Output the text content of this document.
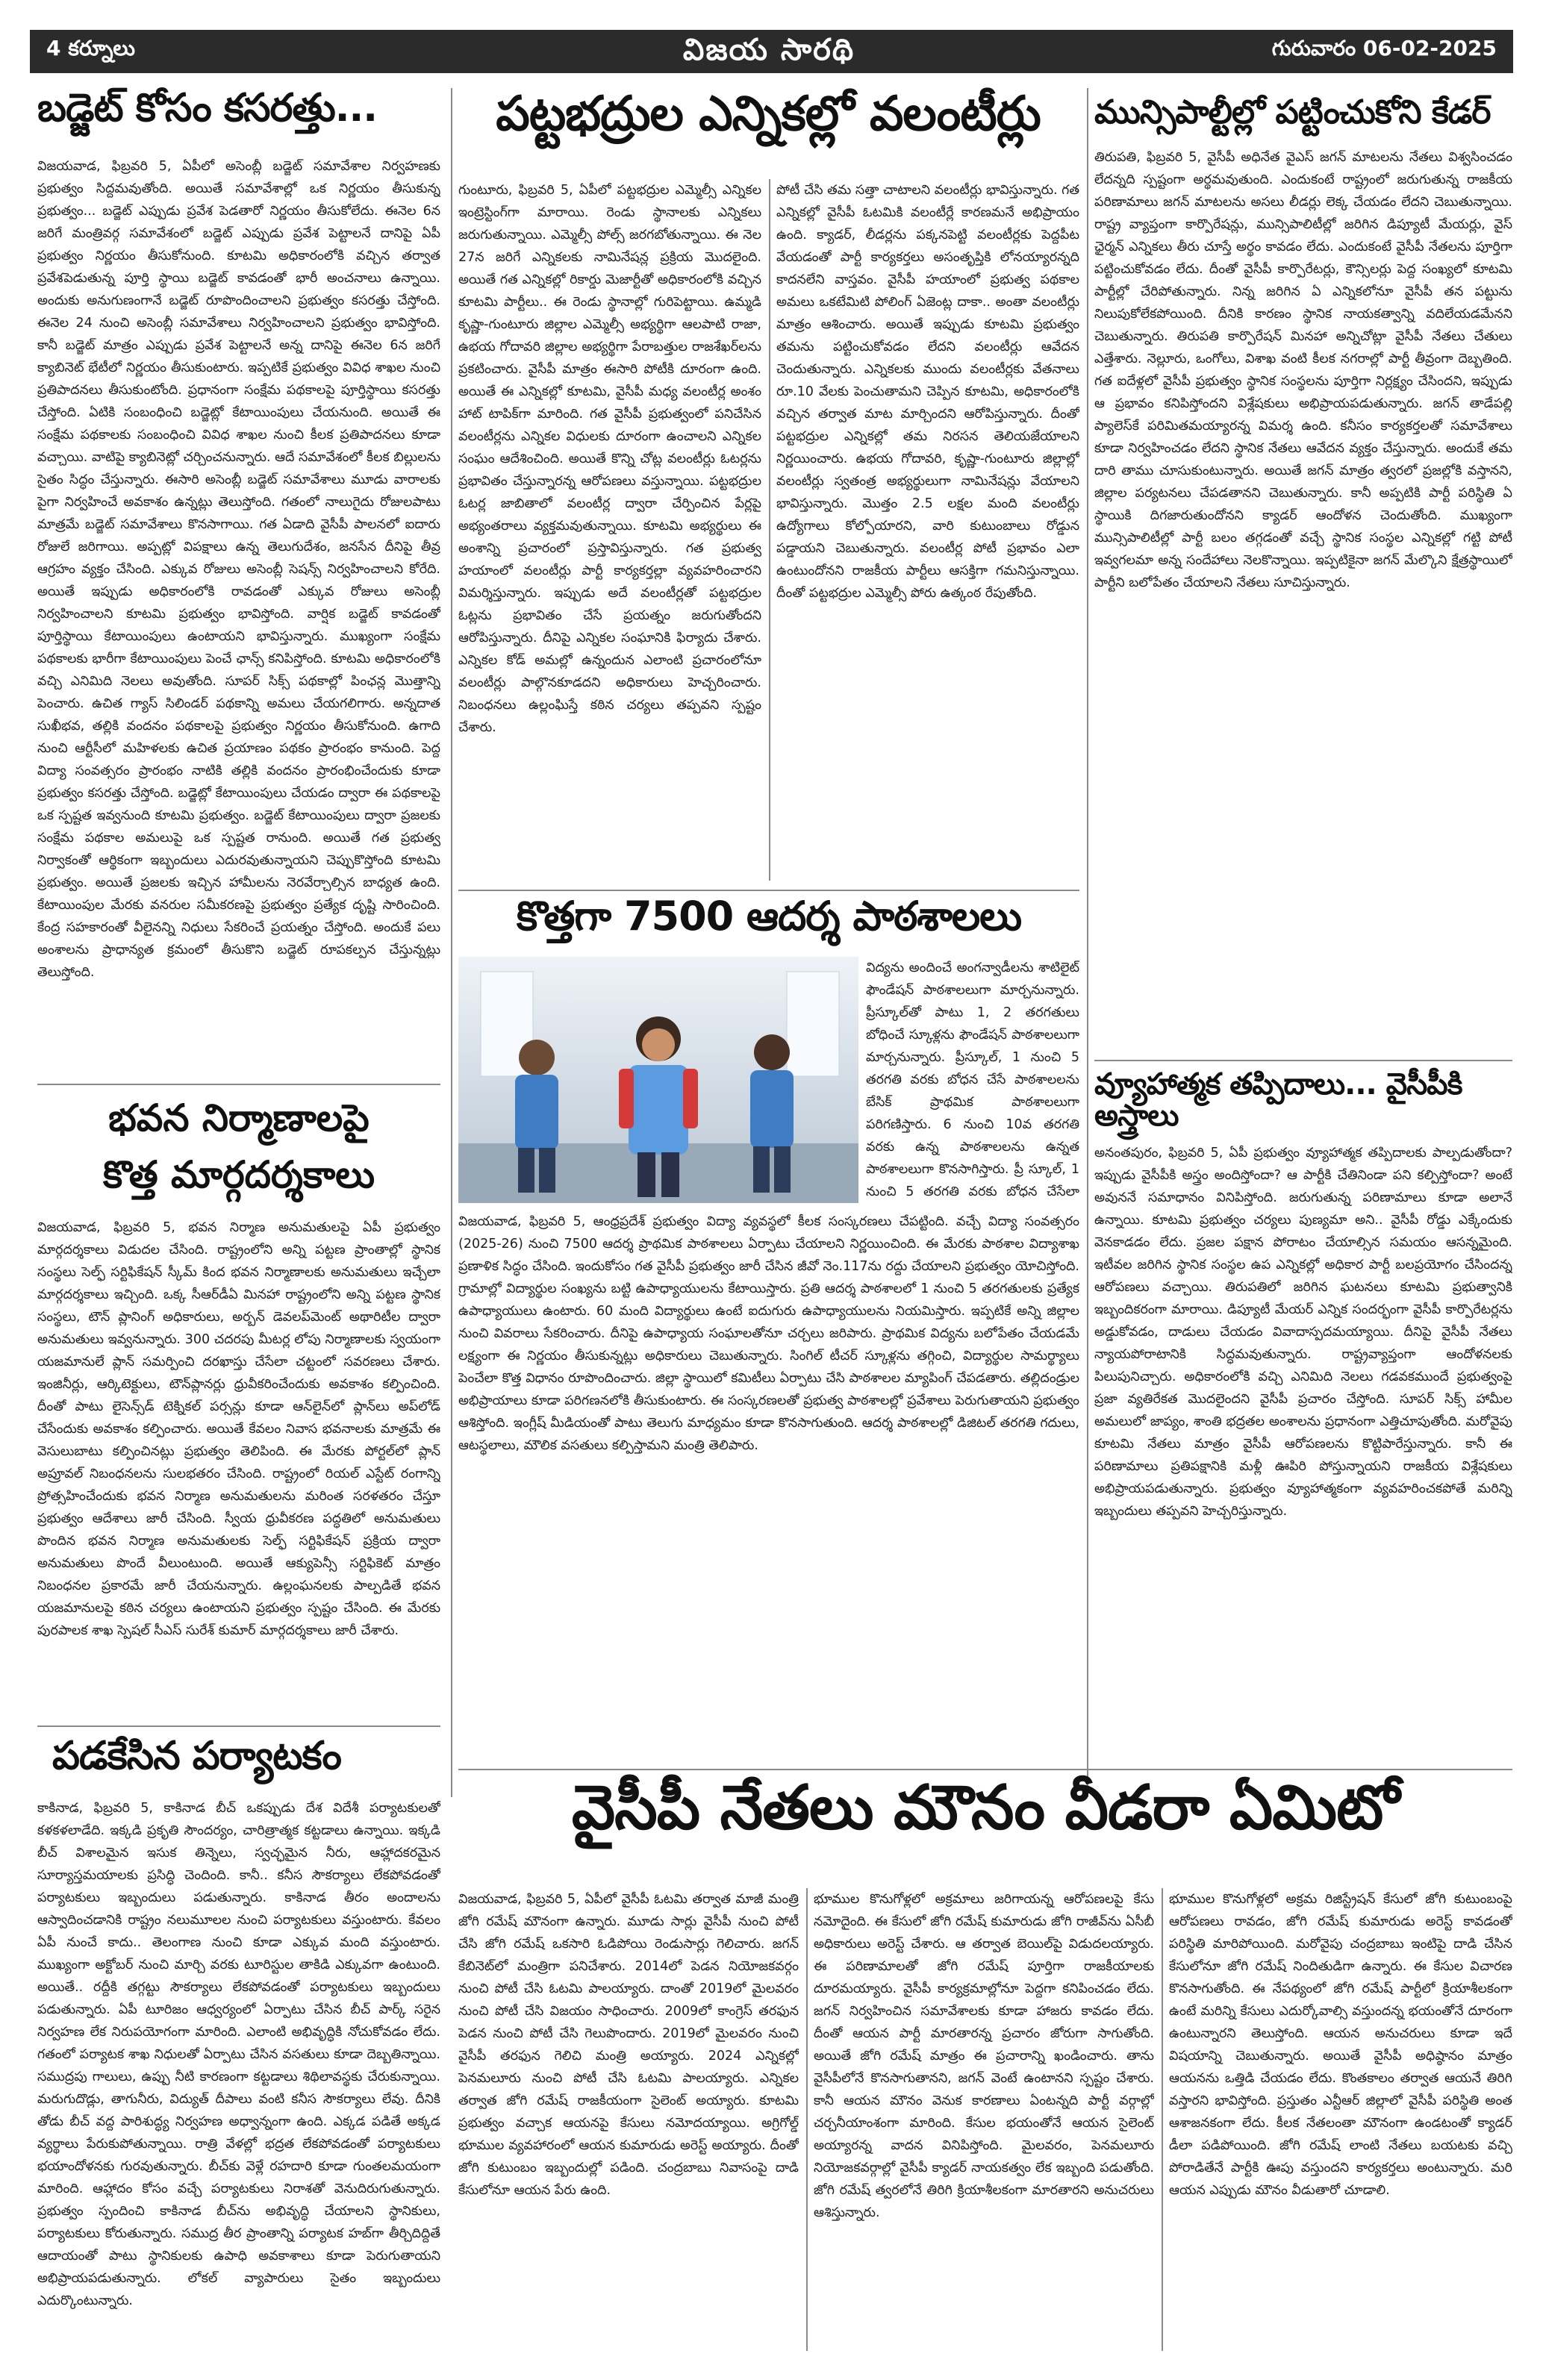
4 కర్నూలు	విజయ సారథి	గురువారం 06-02-2025
బడ్జెట్ కోసం కసరత్తు...
విజయవాడ, ఫిబ్రవరి 5, ఏపీలో అసెంబ్లీ బడ్జెట్ సమావేశాల నిర్వహణకు ప్రభుత్వం సిద్దమవుతోంది. అయితే సమావేశాల్లో ఒక నిర్ణయం తీసుకున్న ప్రభుత్వం... బడ్జెట్ ఎప్పుడు ప్రవేశ పెడతారో నిర్ణయం తీసుకోలేదు. ఈనెల 6న జరిగే మంత్రివర్గ సమావేశంలో బడ్జెట్ ఎప్పుడు ప్రవేశ పెట్టాలనే దానిపై ఏపీ ప్రభుత్వం నిర్ణయం తీసుకోనుంది. కూటమి అధికారంలోకి వచ్చిన తర్వాత ప్రవేశపెడుతున్న పూర్తి స్థాయి బడ్జెట్ కావడంతో భారీ అంచనాలు ఉన్నాయి. అందుకు అనుగుణంగానే బడ్జెట్ రూపొందించాలని ప్రభుత్వం కసరత్తు చేస్తోంది. ఈనెల 24 నుంచి అసెంబ్లీ సమావేశాలు నిర్వహించాలని ప్రభుత్వం భావిస్తోంది. కానీ బడ్జెట్ మాత్రం ఎప్పుడు ప్రవేశ పెట్టాలనే అన్న దానిపై ఈనెల 6న జరిగే క్యాబినెట్ భేటీలో నిర్ణయం తీసుకుంటారు. ఇప్పటికే ప్రభుత్వం వివిధ శాఖల నుంచి ప్రతిపాదనలు తీసుకుంటోంది. ప్రధానంగా సంక్షేమ పథకాలపై పూర్తిస్థాయి కసరత్తు చేస్తోంది. ఏటికి సంబంధించి బడ్జెట్లో కేటాయింపులు చేయనుంది. అయితే ఈ సంక్షేమ పథకాలకు సంబంధించి వివిధ శాఖల నుంచి కీలక ప్రతిపాదనలు కూడా వచ్చాయి. వాటిపై క్యాబినెట్లో చర్చించనున్నారు. ఆదే సమావేశంలో కీలక బిల్లులను సైతం సిద్ధం చేస్తున్నారు. ఈసారి అసెంబ్లీ బడ్జెట్ సమావేశాలు మూడు వారాలకు పైగా నిర్వహించే అవకాశం ఉన్నట్లు తెలుస్తోంది. గతంలో నాలుగైదు రోజులపాటు మాత్రమే బడ్జెట్ సమావేశాలు కొనసాగాయి. గత ఏడాది వైసీపీ పాలనలో ఐదారు రోజులే జరిగాయి. అప్పట్లో విపక్షాలు ఉన్న తెలుగుదేశం, జనసేన దీనిపై తీవ్ర ఆగ్రహం వ్యక్తం చేసింది. ఎక్కువ రోజులు అసెంబ్లీ సెషన్స్ నిర్వహించాలని కోరేది. అయితే ఇప్పుడు అధికారంలోకి రావడంతో ఎక్కువ రోజులు అసెంబ్లీ నిర్వహించాలని కూటమి ప్రభుత్వం భావిస్తోంది. వార్షిక బడ్జెట్ కావడంతో పూర్తిస్థాయి కేటాయింపులు ఉంటాయని భావిస్తున్నారు. ముఖ్యంగా సంక్షేమ పథకాలకు భారీగా కేటాయింపులు పెంచే ఛాన్స్ కనిపిస్తోంది. కూటమి అధికారంలోకి వచ్చి ఎనిమిది నెలలు అవుతోంది. సూపర్ సిక్స్ పథకాల్లో పింఛన్ల మొత్తాన్ని పెంచారు. ఉచిత గ్యాస్ సిలిండర్ పథకాన్ని అమలు చేయగలిగారు. అన్నదాత సుఖీభవ, తల్లికి వందనం పథకాలపై ప్రభుత్వం నిర్ణయం తీసుకోనుంది. ఉగాది నుంచి ఆర్టీసీలో మహిళలకు ఉచిత ప్రయాణం పథకం ప్రారంభం కానుంది. పెద్ద విద్యా సంవత్సరం ప్రారంభం నాటికి తల్లికి వందనం ప్రారంభించేందుకు కూడా ప్రభుత్వం కసరత్తు చేస్తోంది. బడ్జెట్లో కేటాయింపులు చేయడం ద్వారా ఈ పథకాలపై ఒక స్పష్టత ఇవ్వనుంది కూటమి ప్రభుత్వం. బడ్జెట్ కేటాయింపులు ద్వారా ప్రజలకు సంక్షేమ పథకాల అమలుపై ఒక స్పష్టత రానుంది. అయితే గత ప్రభుత్వ నిర్వాకంతో ఆర్థికంగా ఇబ్బందులు ఎదురవుతున్నాయని చెప్పుకొస్తోంది కూటమి ప్రభుత్వం. అయితే ప్రజలకు ఇచ్చిన హామీలను నెరవేర్చాల్సిన బాధ్యత ఉంది. కేటాయింపుల మేరకు వనరుల సమీకరణపై ప్రభుత్వం ప్రత్యేక దృష్టి సారించింది. కేంద్ర సహకారంతో వీలైనన్ని నిధులు సేకరించే ప్రయత్నం చేస్తోంది. అందుకే పలు అంశాలను ప్రాధాన్యత క్రమంలో తీసుకొని బడ్జెట్ రూపకల్పన చేస్తున్నట్లు తెలుస్తోంది.
భవన నిర్మాణాలపై
కొత్త మార్గదర్శకాలు
విజయవాడ, ఫిబ్రవరి 5, భవన నిర్మాణ అనుమతులపై ఏపీ ప్రభుత్వం మార్గదర్శకాలు విడుదల చేసింది. రాష్ట్రంలోని అన్ని పట్టణ ప్రాంతాల్లో స్థానిక సంస్థలు సెల్ఫ్ సర్టిఫికేషన్ స్కీమ్ కింద భవన నిర్మాణాలకు అనుమతులు ఇచ్చేలా మార్గదర్శకాలు ఇచ్చింది. ఒక్క సీఆర్‌డీఏ మినహా రాష్ట్రంలోని అన్ని పట్టణ స్థానిక సంస్థలు, టౌన్ ప్లానింగ్ అధికారులు, అర్బన్ డెవలప్‌మెంట్ అథారిటీల ద్వారా అనుమతులు ఇవ్వనున్నారు. 300 చదరపు మీటర్ల లోపు నిర్మాణాలకు స్వయంగా యజమానులే ప్లాన్ సమర్పించి దరఖాస్తు చేసేలా చట్టంలో సవరణలు చేశారు. ఇంజినీర్లు, ఆర్కిటెక్టులు, టౌన్‌ప్లానర్లు ధ్రువీకరించేందుకు అవకాశం కల్పించింది. దీంతో పాటు లైసెన్స్‌డ్ టెక్నికల్ పర్సన్లు కూడా ఆన్‌లైన్‌లో ప్లాన్‌లు అప్‌లోడ్ చేసేందుకు అవకాశం కల్పించారు. అయితే కేవలం నివాస భవనాలకు మాత్రమే ఈ వెసులుబాటు కల్పించినట్లు ప్రభుత్వం తెలిపింది. ఈ మేరకు పోర్టల్‌లో ప్లాన్ అప్రూవల్ నిబంధనలను సులభతరం చేసింది. రాష్ట్రంలో రియల్ ఎస్టేట్ రంగాన్ని ప్రోత్సహించేందుకు భవన నిర్మాణ అనుమతులను మరింత సరళతరం చేస్తూ ప్రభుత్వం ఆదేశాలు జారీ చేసింది. స్వీయ ధ్రువీకరణ పద్ధతిలో అనుమతులు పొందిన భవన నిర్మాణ అనుమతులకు సెల్ఫ్ సర్టిఫికేషన్ ప్రక్రియ ద్వారా అనుమతులు పొందే వీలుంటుంది. అయితే ఆక్యుపెన్సీ సర్టిఫికెట్ మాత్రం నిబంధనల ప్రకారమే జారీ చేయనున్నారు. ఉల్లంఘనలకు పాల్పడితే భవన యజమానులపై కఠిన చర్యలు ఉంటాయని ప్రభుత్వం స్పష్టం చేసింది. ఈ మేరకు పురపాలక శాఖ స్పెషల్ సీఎస్ సురేశ్ కుమార్ మార్గదర్శకాలు జారీ చేశారు.
పడకేసిన పర్యాటకం
కాకినాడ, ఫిబ్రవరి 5, కాకినాడ బీచ్ ఒకప్పుడు దేశ విదేశీ పర్యాటకులతో కళకళలాడేది. ఇక్కడి ప్రకృతి సౌందర్యం, చారిత్రాత్మక కట్టడాలు ఉన్నాయి. ఇక్కడి బీచ్ విశాలమైన ఇసుక తిన్నెలు, స్వచ్ఛమైన నీరు, ఆహ్లాదకరమైన సూర్యాస్తమయాలకు ప్రసిద్ధి చెందింది. కానీ.. కనీస సౌకర్యాలు లేకపోవడంతో పర్యాటకులు ఇబ్బందులు పడుతున్నారు. కాకినాడ తీరం అందాలను ఆస్వాదించడానికి రాష్ట్రం నలుమూలల నుంచి పర్యాటకులు వస్తుంటారు. కేవలం ఏపీ నుంచే కాదు.. తెలంగాణ నుంచి కూడా ఎక్కువ మంది వస్తుంటారు. ముఖ్యంగా అక్టోబర్ నుంచి మార్చి వరకు టూరిస్టుల తాకిడి ఎక్కువగా ఉంటుంది. అయితే.. రద్దీకి తగ్గట్టు సౌకర్యాలు లేకపోవడంతో పర్యాటకులు ఇబ్బందులు పడుతున్నారు. ఏపీ టూరిజం ఆధ్వర్యంలో ఏర్పాటు చేసిన బీచ్ పార్క్ సరైన నిర్వహణ లేక నిరుపయోగంగా మారింది. ఎలాంటి అభివృద్ధికి నోచుకోవడం లేదు. గతంలో పర్యాటక శాఖ నిధులతో ఏర్పాటు చేసిన వసతులు కూడా దెబ్బతిన్నాయి. సముద్రపు గాలులు, ఉప్పు నీటి కారణంగా కట్టడాలు శిథిలావస్థకు చేరుకున్నాయి. మరుగుదొడ్లు, తాగునీరు, విద్యుత్ దీపాలు వంటి కనీస సౌకర్యాలు లేవు. దీనికి తోడు బీచ్ వద్ద పారిశుద్ధ్య నిర్వహణ అధ్వాన్నంగా ఉంది. ఎక్కడ పడితే అక్కడ వ్యర్థాలు పేరుకుపోతున్నాయి. రాత్రి వేళల్లో భద్రత లేకపోవడంతో పర్యాటకులు భయాందోళనకు గురవుతున్నారు. బీచ్‌కు వెళ్లే రహదారి కూడా గుంతలమయంగా మారింది. ఆహ్లాదం కోసం వచ్చే పర్యాటకులు నిరాశతో వెనుదిరుగుతున్నారు. ప్రభుత్వం స్పందించి కాకినాడ బీచ్‌ను అభివృద్ధి చేయాలని స్థానికులు, పర్యాటకులు కోరుతున్నారు. సముద్ర తీర ప్రాంతాన్ని పర్యాటక హబ్‌గా తీర్చిదిద్దితే ఆదాయంతో పాటు స్థానికులకు ఉపాధి అవకాశాలు కూడా పెరుగుతాయని అభిప్రాయపడుతున్నారు. లోకల్ వ్యాపారులు సైతం ఇబ్బందులు ఎదుర్కొంటున్నారు.
పట్టభద్రుల ఎన్నికల్లో వలంటీర్లు
గుంటూరు, ఫిబ్రవరి 5, ఏపీలో పట్టభద్రుల ఎమ్మెల్సీ ఎన్నికల ఇంట్రెస్టింగ్‌గా మారాయి. రెండు స్థానాలకు ఎన్నికలు జరుగుతున్నాయి. ఎమ్మెల్సీ పోల్స్ జరగబోతున్నాయి. ఈ నెల 27న జరిగే ఎన్నికలకు నామినేషన్ల ప్రక్రియ మొదలైంది. అయితే గత ఎన్నికల్లో రికార్డు మెజార్టీతో అధికారంలోకి వచ్చిన కూటమి పార్టీలు.. ఈ రెండు స్థానాల్లో గురిపెట్టాయి. ఉమ్మడి కృష్ణా-గుంటూరు జిల్లాల ఎమ్మెల్సీ అభ్యర్థిగా ఆలపాటి రాజా, ఉభయ గోదావరి జిల్లాల అభ్యర్థిగా పేరాబత్తుల రాజశేఖర్‌లను ప్రకటించారు. వైసీపీ మాత్రం ఈసారి పోటీకి దూరంగా ఉంది. అయితే ఈ ఎన్నికల్లో కూటమి, వైసీపీ మధ్య వలంటీర్ల అంశం హాట్ టాపిక్‌గా మారింది. గత వైసీపీ ప్రభుత్వంలో పనిచేసిన వలంటీర్లను ఎన్నికల విధులకు దూరంగా ఉంచాలని ఎన్నికల సంఘం ఆదేశించింది. అయితే కొన్ని చోట్ల వలంటీర్లు ఓటర్లను ప్రభావితం చేస్తున్నారన్న ఆరోపణలు వస్తున్నాయి. పట్టభద్రుల ఓటర్ల జాబితాలో వలంటీర్ల ద్వారా చేర్పించిన పేర్లపై అభ్యంతరాలు వ్యక్తమవుతున్నాయి. కూటమి అభ్యర్థులు ఈ అంశాన్ని ప్రచారంలో ప్రస్తావిస్తున్నారు. గత ప్రభుత్వ హయాంలో వలంటీర్లు పార్టీ కార్యకర్తల్లా వ్యవహరించారని విమర్శిస్తున్నారు. ఇప్పుడు అదే వలంటీర్లతో పట్టభద్రుల ఓట్లను ప్రభావితం చేసే ప్రయత్నం జరుగుతోందని ఆరోపిస్తున్నారు. దీనిపై ఎన్నికల సంఘానికి ఫిర్యాదు చేశారు. ఎన్నికల కోడ్ అమల్లో ఉన్నందున ఎలాంటి ప్రచారంలోనూ వలంటీర్లు పాల్గొనకూడదని అధికారులు హెచ్చరించారు. నిబంధనలు ఉల్లంఘిస్తే కఠిన చర్యలు తప్పవని స్పష్టం చేశారు.
పోటీ చేసి తమ సత్తా చాటాలని వలంటీర్లు భావిస్తున్నారు. గత ఎన్నికల్లో వైసీపీ ఓటమికి వలంటీర్లే కారణమనే అభిప్రాయం ఉంది. క్యాడర్, లీడర్లను పక్కనపెట్టి వలంటీర్లకు పెద్దపీట వేయడంతో పార్టీ కార్యకర్తలు అసంతృప్తికి లోనయ్యారన్నది కాదనలేని వాస్తవం. వైసీపీ హయాంలో ప్రభుత్వ పథకాల అమలు ఒకటేమిటి పోలింగ్ ఏజెంట్ల దాకా.. అంతా వలంటీర్లు మాత్రం ఆశించారు. అయితే ఇప్పుడు కూటమి ప్రభుత్వం తమను పట్టించుకోవడం లేదని వలంటీర్లు ఆవేదన చెందుతున్నారు. ఎన్నికలకు ముందు వలంటీర్లకు వేతనాలు రూ.10 వేలకు పెంచుతామని చెప్పిన కూటమి, అధికారంలోకి వచ్చిన తర్వాత మాట మార్చిందని ఆరోపిస్తున్నారు. దీంతో పట్టభద్రుల ఎన్నికల్లో తమ నిరసన తెలియజేయాలని నిర్ణయించారు. ఉభయ గోదావరి, కృష్ణా-గుంటూరు జిల్లాల్లో వలంటీర్లు స్వతంత్ర అభ్యర్థులుగా నామినేషన్లు వేయాలని భావిస్తున్నారు. మొత్తం 2.5 లక్షల మంది వలంటీర్లు ఉద్యోగాలు కోల్పోయారని, వారి కుటుంబాలు రోడ్డున పడ్డాయని చెబుతున్నారు. వలంటీర్ల పోటీ ప్రభావం ఎలా ఉంటుందోనని రాజకీయ పార్టీలు ఆసక్తిగా గమనిస్తున్నాయి. దీంతో పట్టభద్రుల ఎమ్మెల్సీ పోరు ఉత్కంఠ రేపుతోంది.
కొత్తగా 7500 ఆదర్శ పాఠశాలలు
విద్యను అందించే అంగన్వాడీలను శాటిలైట్ ఫౌండేషన్ పాఠశాలలుగా మార్చనున్నారు. ప్రీస్కూల్‌తో పాటు 1, 2 తరగతులు బోధించే స్కూళ్లను ఫౌండేషన్ పాఠశాలలుగా మార్చనున్నారు. ప్రీస్కూల్, 1 నుంచి 5 తరగతి వరకు బోధన చేసే పాఠశాలలను బేసిక్ ప్రాథమిక పాఠశాలలుగా పరిగణిస్తారు. 6 నుంచి 10వ తరగతి వరకు ఉన్న పాఠశాలలను ఉన్నత పాఠశాలలుగా కొనసాగిస్తారు. ప్రీ స్కూల్, 1 నుంచి 5 తరగతి వరకు బోధన చేసేలా
విజయవాడ, ఫిబ్రవరి 5, ఆంధ్రప్రదేశ్ ప్రభుత్వం విద్యా వ్యవస్థలో కీలక సంస్కరణలు చేపట్టింది. వచ్చే విద్యా సంవత్సరం (2025-26) నుంచి 7500 ఆదర్శ ప్రాథమిక పాఠశాలలు ఏర్పాటు చేయాలని నిర్ణయించింది. ఈ మేరకు పాఠశాల విద్యాశాఖ ప్రణాళిక సిద్ధం చేసింది. ఇందుకోసం గత వైసీపీ ప్రభుత్వం జారీ చేసిన జీవో నెం.117ను రద్దు చేయాలని ప్రభుత్వం యోచిస్తోంది. గ్రామాల్లో విద్యార్థుల సంఖ్యను బట్టి ఉపాధ్యాయులను కేటాయిస్తారు. ప్రతి ఆదర్శ పాఠశాలలో 1 నుంచి 5 తరగతులకు ప్రత్యేక ఉపాధ్యాయులు ఉంటారు. 60 మంది విద్యార్థులు ఉంటే ఐదుగురు ఉపాధ్యాయులను నియమిస్తారు. ఇప్పటికే అన్ని జిల్లాల నుంచి వివరాలు సేకరించారు. దీనిపై ఉపాధ్యాయ సంఘాలతోనూ చర్చలు జరిపారు. ప్రాథమిక విద్యను బలోపేతం చేయడమే లక్ష్యంగా ఈ నిర్ణయం తీసుకున్నట్లు అధికారులు చెబుతున్నారు. సింగిల్ టీచర్ స్కూళ్లను తగ్గించి, విద్యార్థుల సామర్థ్యాలు పెంచేలా కొత్త విధానం రూపొందించారు. జిల్లా స్థాయిలో కమిటీలు ఏర్పాటు చేసి పాఠశాలల మ్యాపింగ్ చేపడతారు. తల్లిదండ్రుల అభిప్రాయాలు కూడా పరిగణనలోకి తీసుకుంటారు. ఈ సంస్కరణలతో ప్రభుత్వ పాఠశాలల్లో ప్రవేశాలు పెరుగుతాయని ప్రభుత్వం ఆశిస్తోంది. ఇంగ్లీష్ మీడియంతో పాటు తెలుగు మాధ్యమం కూడా కొనసాగుతుంది. ఆదర్శ పాఠశాలల్లో డిజిటల్ తరగతి గదులు, ఆటస్థలాలు, మౌలిక వసతులు కల్పిస్తామని మంత్రి తెలిపారు.
మున్సిపాల్టీల్లో పట్టించుకోని కేడర్
తిరుపతి, ఫిబ్రవరి 5, వైసీపీ అధినేత వైఎస్ జగన్ మాటలను నేతలు విశ్వసించడం లేదన్నది స్పష్టంగా అర్థమవుతుంది. ఎందుకంటే రాష్ట్రంలో జరుగుతున్న రాజకీయ పరిణామాలు జగన్ మాటలను అసలు లీడర్లు లెక్క చేయడం లేదని చెబుతున్నాయి. రాష్ట్ర వ్యాప్తంగా కార్పొరేషన్లు, మున్సిపాలిటీల్లో జరిగిన డిప్యూటీ మేయర్లు, వైస్ ఛైర్మన్ ఎన్నికలు తీరు చూస్తే అర్థం కావడం లేదు. ఎందుకంటే వైసీపీ నేతలను పూర్తిగా పట్టించుకోవడం లేదు. దీంతో వైసీపీ కార్పొరేటర్లు, కౌన్సిలర్లు పెద్ద సంఖ్యలో కూటమి పార్టీల్లో చేరిపోతున్నారు. నిన్న జరిగిన ఏ ఎన్నికలోనూ వైసీపీ తన పట్టును నిలుపుకోలేకపోయింది. దీనికి కారణం స్థానిక నాయకత్వాన్ని వదిలేయడమేనని చెబుతున్నారు. తిరుపతి కార్పొరేషన్ మినహా అన్నిచోట్లా వైసీపీ నేతలు చేతులు ఎత్తేశారు. నెల్లూరు, ఒంగోలు, విశాఖ వంటి కీలక నగరాల్లో పార్టీ తీవ్రంగా దెబ్బతింది. గత ఐదేళ్లలో వైసీపీ ప్రభుత్వం స్థానిక సంస్థలను పూర్తిగా నిర్లక్ష్యం చేసిందని, ఇప్పుడు ఆ ప్రభావం కనిపిస్తోందని విశ్లేషకులు అభిప్రాయపడుతున్నారు. జగన్ తాడేపల్లి ప్యాలెస్‌కే పరిమితమయ్యారన్న విమర్శ ఉంది. కనీసం కార్యకర్తలతో సమావేశాలు కూడా నిర్వహించడం లేదని స్థానిక నేతలు ఆవేదన వ్యక్తం చేస్తున్నారు. అందుకే తమ దారి తాము చూసుకుంటున్నారు. అయితే జగన్ మాత్రం త్వరలో ప్రజల్లోకి వస్తానని, జిల్లాల పర్యటనలు చేపడతానని చెబుతున్నారు. కానీ అప్పటికి పార్టీ పరిస్థితి ఏ స్థాయికి దిగజారుతుందోనని క్యాడర్ ఆందోళన చెందుతోంది. ముఖ్యంగా మున్సిపాలిటీల్లో పార్టీ బలం తగ్గడంతో వచ్చే స్థానిక సంస్థల ఎన్నికల్లో గట్టి పోటీ ఇవ్వగలమా అన్న సందేహాలు నెలకొన్నాయి. ఇప్పటికైనా జగన్ మేల్కొని క్షేత్రస్థాయిలో పార్టీని బలోపేతం చేయాలని నేతలు సూచిస్తున్నారు.
వ్యూహాత్మక తప్పిదాలు... వైసీపీకి అస్త్రాలు
అనంతపురం, ఫిబ్రవరి 5, ఏపీ ప్రభుత్వం వ్యూహాత్మక తప్పిదాలకు పాల్పడుతోందా? ఇప్పుడు వైసీపీకి అస్త్రం అందిస్తోందా? ఆ పార్టీకి చేతినిండా పని కల్పిస్తోందా? అంటే అవుననే సమాధానం వినిపిస్తోంది. జరుగుతున్న పరిణామాలు కూడా అలానే ఉన్నాయి. కూటమి ప్రభుత్వం చర్యలు పుణ్యమా అని.. వైసీపీ రోడ్డు ఎక్కేందుకు వెనకాడడం లేదు. ప్రజల పక్షాన పోరాటం చేయాల్సిన సమయం ఆసన్నమైంది. ఇటీవల జరిగిన స్థానిక సంస్థల ఉప ఎన్నికల్లో అధికార పార్టీ బలప్రయోగం చేసిందన్న ఆరోపణలు వచ్చాయి. తిరుపతిలో జరిగిన ఘటనలు కూటమి ప్రభుత్వానికి ఇబ్బందికరంగా మారాయి. డిప్యూటీ మేయర్ ఎన్నిక సందర్భంగా వైసీపీ కార్పొరేటర్లను అడ్డుకోవడం, దాడులు చేయడం వివాదాస్పదమయ్యాయి. దీనిపై వైసీపీ నేతలు న్యాయపోరాటానికి సిద్ధమవుతున్నారు. రాష్ట్రవ్యాప్తంగా ఆందోళనలకు పిలుపునిచ్చారు. అధికారంలోకి వచ్చి ఎనిమిది నెలలు గడవకముందే ప్రభుత్వంపై ప్రజా వ్యతిరేకత మొదలైందని వైసీపీ ప్రచారం చేస్తోంది. సూపర్ సిక్స్ హామీల అమలులో జాప్యం, శాంతి భద్రతల అంశాలను ప్రధానంగా ఎత్తిచూపుతోంది. మరోవైపు కూటమి నేతలు మాత్రం వైసీపీ ఆరోపణలను కొట్టిపారేస్తున్నారు. కానీ ఈ పరిణామాలు ప్రతిపక్షానికి మళ్లీ ఊపిరి పోస్తున్నాయని రాజకీయ విశ్లేషకులు అభిప్రాయపడుతున్నారు. ప్రభుత్వం వ్యూహాత్మకంగా వ్యవహరించకపోతే మరిన్ని ఇబ్బందులు తప్పవని హెచ్చరిస్తున్నారు.
వైసీపీ నేతలు మౌనం వీడరా ఏమిటో
విజయవాడ, ఫిబ్రవరి 5, ఏపీలో వైసీపీ ఓటమి తర్వాత మాజీ మంత్రి జోగి రమేష్ మౌనంగా ఉన్నారు. మూడు సార్లు వైసీపీ నుంచి పోటీ చేసి జోగి రమేష్ ఒకసారి ఓడిపోయి రెండుసార్లు గెలిచారు. జగన్ కేబినెట్‌లో మంత్రిగా పనిచేశారు. 2014లో పెడన నియోజకవర్గం నుంచి పోటీ చేసి ఓటమి పాలయ్యారు. దాంతో 2019లో మైలవరం నుంచి పోటీ చేసి విజయం సాధించారు. 2009లో కాంగ్రెస్ తరఫున పెడన నుంచి పోటీ చేసి గెలుపొందారు. 2019లో మైలవరం నుంచి వైసీపీ తరఫున గెలిచి మంత్రి అయ్యారు. 2024 ఎన్నికల్లో పెనమలూరు నుంచి పోటీ చేసి ఓటమి పాలయ్యారు. ఎన్నికల తర్వాత జోగి రమేష్ రాజకీయంగా సైలెంట్ అయ్యారు. కూటమి ప్రభుత్వం వచ్చాక ఆయనపై కేసులు నమోదయ్యాయి. అగ్రిగోల్డ్ భూముల వ్యవహారంలో ఆయన కుమారుడు అరెస్ట్ అయ్యారు. దీంతో జోగి కుటుంబం ఇబ్బందుల్లో పడింది. చంద్రబాబు నివాసంపై దాడి కేసులోనూ ఆయన పేరు ఉంది.
భూముల కొనుగోళ్లలో అక్రమాలు జరిగాయన్న ఆరోపణలపై కేసు నమోదైంది. ఈ కేసులో జోగి రమేష్ కుమారుడు జోగి రాజీవ్‌ను ఏసీబీ అధికారులు అరెస్ట్ చేశారు. ఆ తర్వాత బెయిల్‌పై విడుదలయ్యారు. ఈ పరిణామాలతో జోగి రమేష్ పూర్తిగా రాజకీయాలకు దూరమయ్యారు. వైసీపీ కార్యక్రమాల్లోనూ పెద్దగా కనిపించడం లేదు. జగన్ నిర్వహించిన సమావేశాలకు కూడా హాజరు కావడం లేదు. దీంతో ఆయన పార్టీ మారతారన్న ప్రచారం జోరుగా సాగుతోంది. అయితే జోగి రమేష్ మాత్రం ఈ ప్రచారాన్ని ఖండించారు. తాను వైసీపీలోనే కొనసాగుతానని, జగన్ వెంటే ఉంటానని స్పష్టం చేశారు. కానీ ఆయన మౌనం వెనుక కారణాలు ఏంటన్నది పార్టీ వర్గాల్లో చర్చనీయాంశంగా మారింది. కేసుల భయంతోనే ఆయన సైలెంట్ అయ్యారన్న వాదన వినిపిస్తోంది. మైలవరం, పెనమలూరు నియోజకవర్గాల్లో వైసీపీ క్యాడర్ నాయకత్వం లేక ఇబ్బంది పడుతోంది. జోగి రమేష్ త్వరలోనే తిరిగి క్రియాశీలకంగా మారతారని అనుచరులు ఆశిస్తున్నారు.
భూముల కొనుగోళ్లలో అక్రమ రిజిస్ట్రేషన్ కేసులో జోగి కుటుంబంపై ఆరోపణలు రావడం, జోగి రమేష్ కుమారుడు అరెస్ట్ కావడంతో పరిస్థితి మారిపోయింది. మరోవైపు చంద్రబాబు ఇంటిపై దాడి చేసిన కేసులోనూ జోగి రమేష్ నిందితుడిగా ఉన్నారు. ఈ కేసుల విచారణ కొనసాగుతోంది. ఈ నేపథ్యంలో జోగి రమేష్ పార్టీలో క్రియాశీలకంగా ఉంటే మరిన్ని కేసులు ఎదుర్కోవాల్సి వస్తుందన్న భయంతోనే దూరంగా ఉంటున్నారని తెలుస్తోంది. ఆయన అనుచరులు కూడా ఇదే విషయాన్ని చెబుతున్నారు. అయితే వైసీపీ అధిష్ఠానం మాత్రం ఆయనను ఒత్తిడి చేయడం లేదు. కొంతకాలం తర్వాత ఆయనే తిరిగి వస్తారని భావిస్తోంది. ప్రస్తుతం ఎన్టీఆర్ జిల్లాలో వైసీపీ పరిస్థితి అంత ఆశాజనకంగా లేదు. కీలక నేతలంతా మౌనంగా ఉండటంతో క్యాడర్ డీలా పడిపోయింది. జోగి రమేష్ లాంటి నేతలు బయటకు వచ్చి పోరాడితేనే పార్టీకి ఊపు వస్తుందని కార్యకర్తలు అంటున్నారు. మరి ఆయన ఎప్పుడు మౌనం వీడుతారో చూడాలి.
